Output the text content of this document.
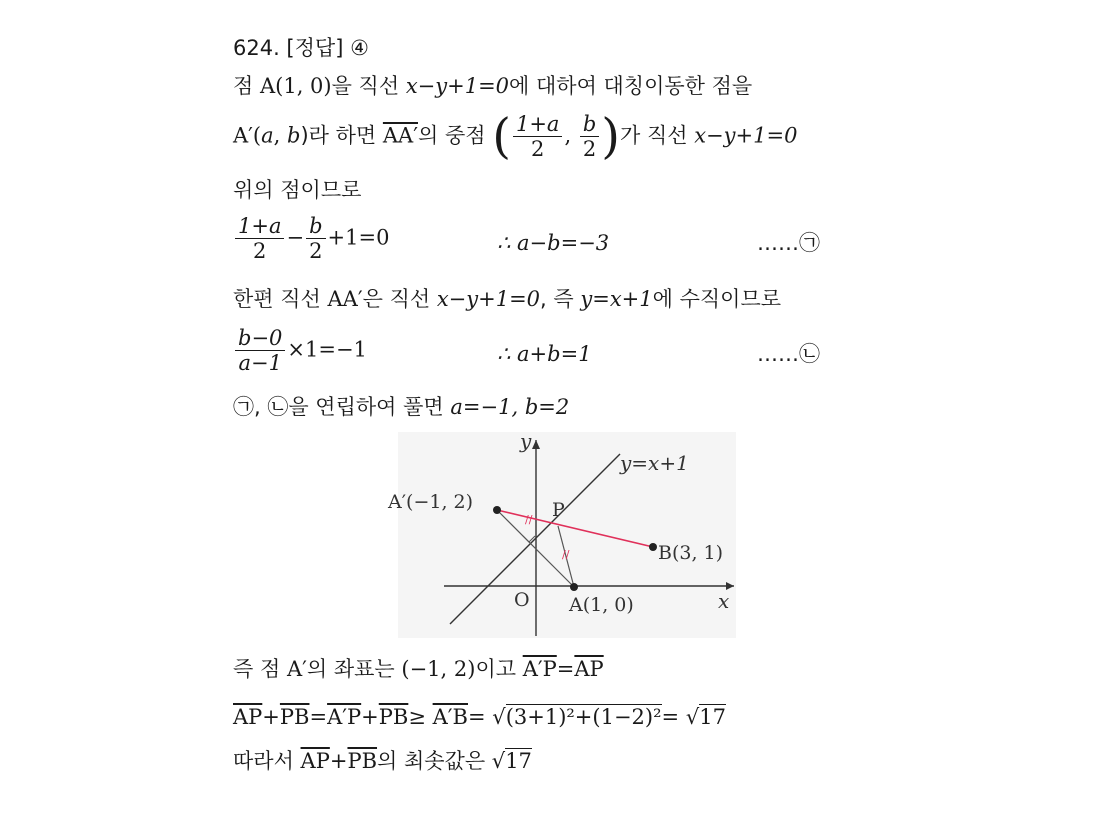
624. [정답] ④
점 A(1, 0)을 직선 x−y+1=0에 대하여 대칭이동한 점을
A′(a, b)라 하면 AA′의 중점 ( $\frac{1+a}{2}$ , $\frac{b}{2}$ )가 직선 x−y+1=0
위의 점이므로
$\frac{1+a}{2} - \frac{b}{2} +1=0$	∴ a−b=−3	……㉠
한편 직선 AA′은 직선 x−y+1=0, 즉 y=x+1에 수직이므로
$\frac{b-0}{a-1} \times 1=-1$	∴ a+b=1	……㉡
㉠, ㉡을 연립하여 풀면 a=−1, b=2
y
x
O
y=x+1
//
//
A′(−1, 2)	P
B(3, 1)
A(1, 0)
즉 점 A′의 좌표는 (−1, 2)이고 $A'P=\overline{AP}$
$\overline{AP}+\overline{PB}=A'P+\overline{PB}\ge A'B= √(3+1)^2+(1-2)^2= √17$
따라서 $\overline{AP}+\overline{PB}$의 최솟값은 √17
